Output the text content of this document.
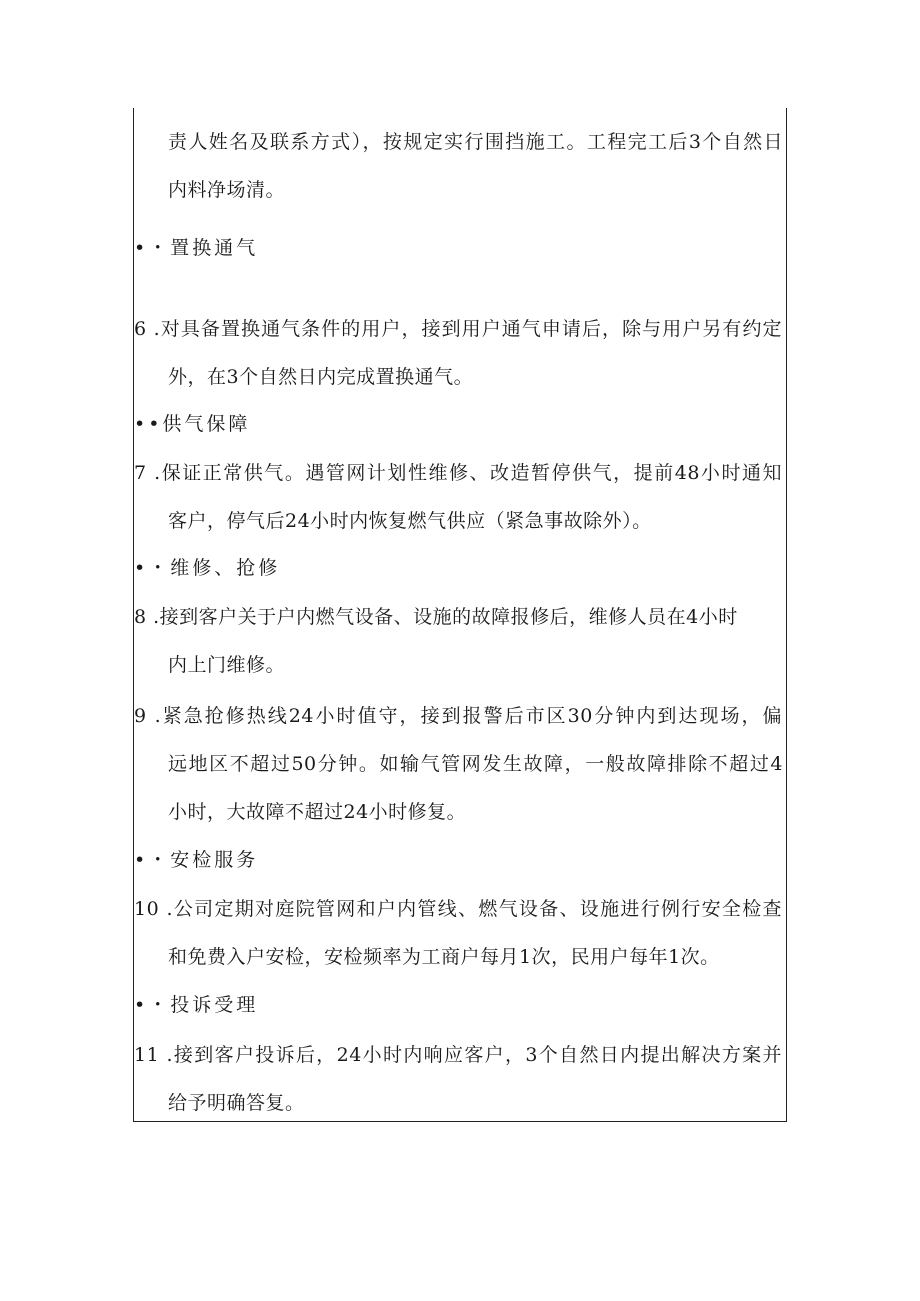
责人姓名及联系方式），按规定实行围挡施工。工程完工后3个自然日
内料净场清。
•・置换通气
6 .对具备置换通气条件的用户，接到用户通气申请后，除与用户另有约定
外，在3个自然日内完成置换通气。
••供气保障
7 .保证正常供气。遇管网计划性维修、改造暂停供气，提前48小时通知
客户，停气后24小时内恢复燃气供应（紧急事故除外）。
•・维修、抢修
8 .接到客户关于户内燃气设备、设施的故障报修后，维修人员在4小时
内上门维修。
9 .紧急抢修热线24小时值守，接到报警后市区30分钟内到达现场，偏
远地区不超过50分钟。如输气管网发生故障，一般故障排除不超过4
小时，大故障不超过24小时修复。
•・安检服务
10 .公司定期对庭院管网和户内管线、燃气设备、设施进行例行安全检查
和免费入户安检，安检频率为工商户每月1次，民用户每年1次。
•・投诉受理
11 .接到客户投诉后，24小时内响应客户，3个自然日内提出解决方案并
给予明确答复。
